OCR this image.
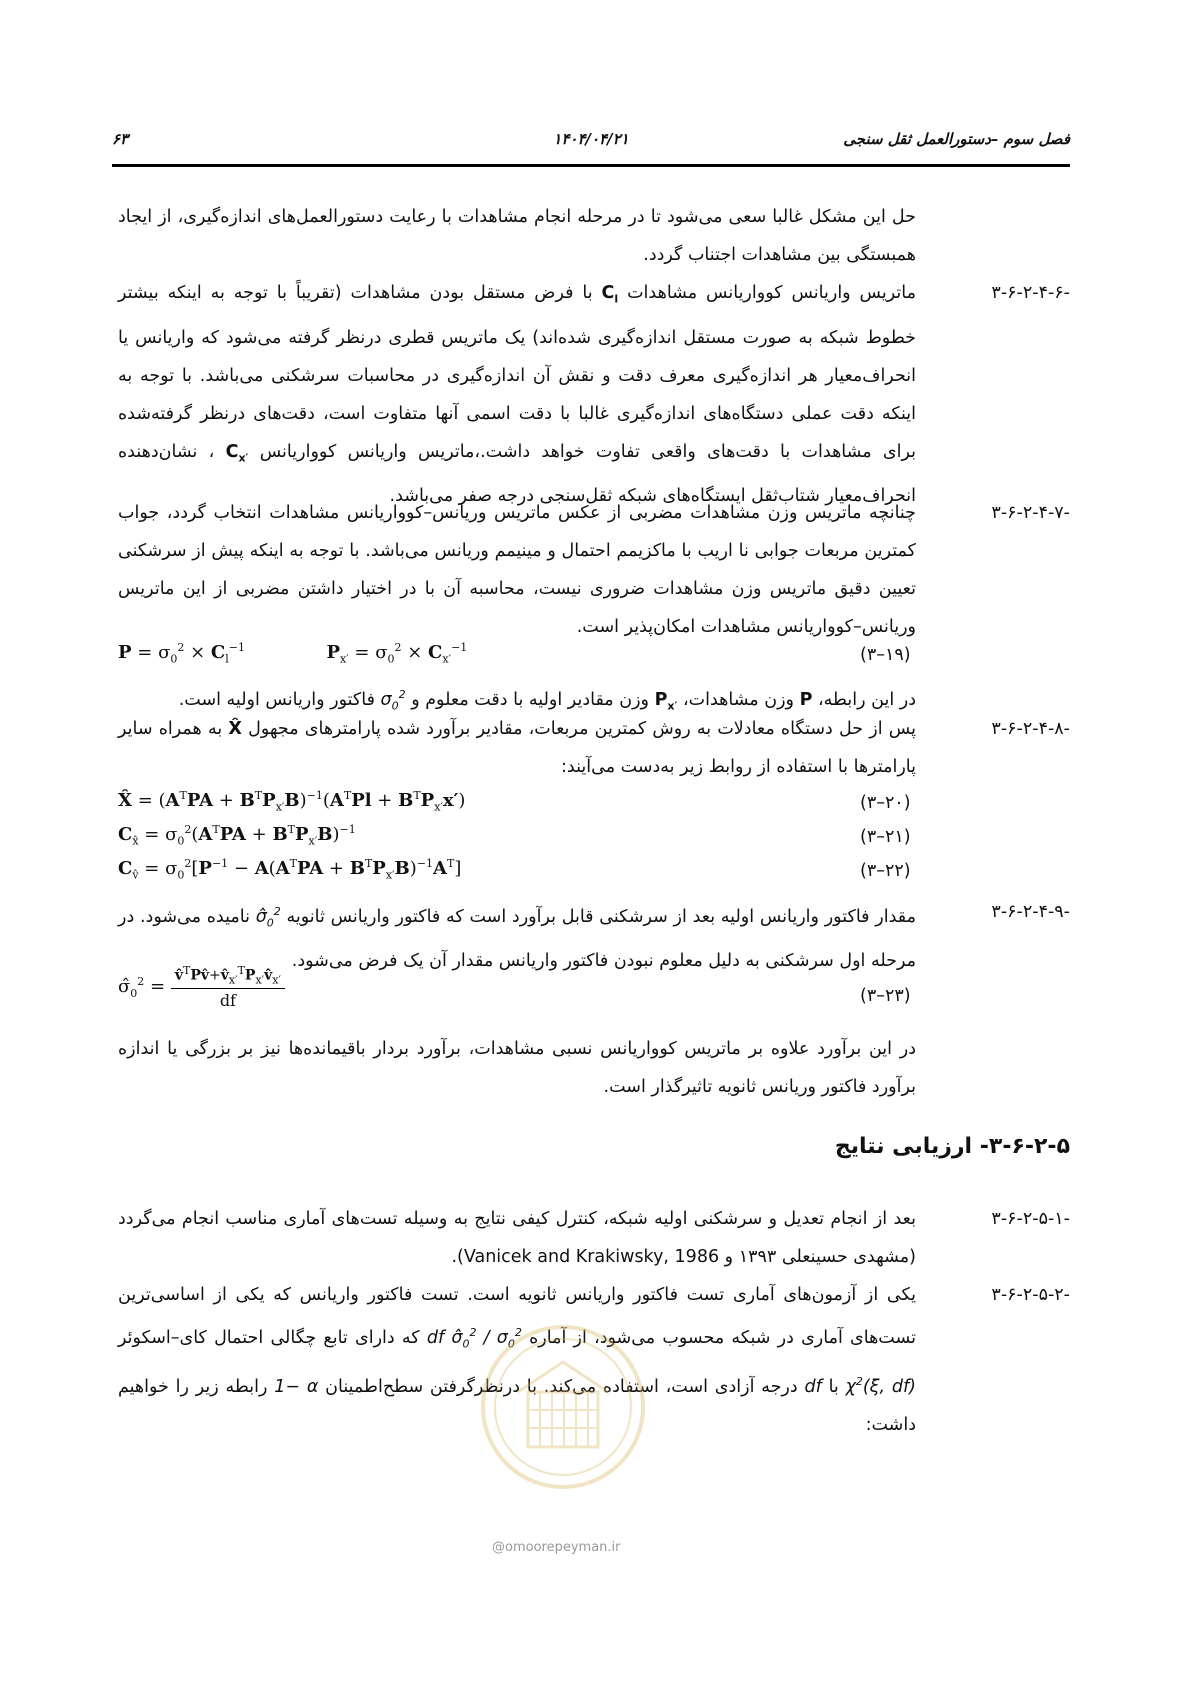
فصل سوم –دستورالعمل ثقل سنجی
۱۴۰۴/۰۴/۲۱
۶۳
حل این مشکل غالبا سعی می‌شود تا در مرحله انجام مشاهدات با رعایت دستورالعمل‌های اندازه‌گیری، از ایجاد همبستگی بین مشاهدات اجتناب گردد.
۳-۶-۲-۴-۶-
ماتریس واریانس کوواریانس مشاهدات $C_l$ با فرض مستقل بودن مشاهدات (تقریباً با توجه به اینکه بیشتر خطوط شبکه به صورت مستقل اندازه‌گیری شده‌اند) یک ماتریس قطری درنظر گرفته می‌شود که واریانس یا انحراف‌معیار هر اندازه‌گیری معرف دقت و نقش آن اندازه‌گیری در محاسبات سرشکنی می‌باشد. با توجه به اینکه دقت عملی دستگاه‌های اندازه‌گیری غالبا با دقت اسمی آنها متفاوت است، دقت‌های درنظر گرفته‌شده برای مشاهدات با دقت‌های واقعی تفاوت خواهد داشت.،ماتریس واریانس کوواریانس $C_{x'}$ ، نشان‌دهنده انحراف‌معیار شتاب‌ثقل ایستگاه‌های شبکه ثقل‌سنجی درجه صفر می‌باشد.
۳-۶-۲-۴-۷-
چنانچه ماتریس وزن مشاهدات مضربی از عکس ماتریس وریانس–کوواریانس مشاهدات انتخاب گردد، جواب کمترین مربعات جوابی نا اریب با ماکزیمم احتمال و مینیمم وریانس می‌باشد. با توجه به اینکه پیش از سرشکنی تعیین دقیق ماتریس وزن مشاهدات ضروری نیست، محاسبه آن با در اختیار داشتن مضربی از این ماتریس وریانس–کوواریانس مشاهدات امکان‌پذیر است.
$P = \sigma_0^2 \times C_l^{-1}$	$P_{x'} = \sigma_0^2 \times C_{x'}^{-1}$	(۳–۱۹)
در این رابطه، P وزن مشاهدات، $P_{x'}$ وزن مقادیر اولیه با دقت معلوم و $\sigma_0^2$ فاکتور واریانس اولیه است.
۳-۶-۲-۴-۸-
پس از حل دستگاه معادلات به روش کمترین مربعات، مقادیر برآورد شده پارامترهای مجهول X̂ به همراه سایر پارامترها با استفاده از روابط زیر به‌دست می‌آیند:
X̂ = $(A^TPA + B^TP_{x'}B)^{-1}(A^TPl + B^TP_{x'}x')$	(۳–۲۰)
$C_{x̂} = \sigma_0^2(A^TPA + B^TP_{x'}B)^{-1}$	(۳–۲۱)
$C_{v̂} = \sigma_0^2[P^{-1} - A(A^TPA + B^TP_{x'}B)^{-1}A^T]$	(۳–۲۲)
۳-۶-۲-۴-۹-
مقدار فاکتور واریانس اولیه بعد از سرشکنی قابل برآورد است که فاکتور واریانس ثانویه $\sigmâ_0^2$ نامیده می‌شود. در مرحله اول سرشکنی به دلیل معلوم نبودن فاکتور واریانس مقدار آن یک فرض می‌شود.
$\sigmâ_0^2 = \frac{v̂^TPv̂+v̂_{x'}^TP_{x'}v̂_{x'}}{df}$	(۳–۲۳)
در این برآورد علاوه بر ماتریس کوواریانس نسبی مشاهدات، برآورد بردار باقیمانده‌ها نیز بر بزرگی یا اندازه برآورد فاکتور وریانس ثانویه تاثیرگذار است.
۳-۶-۲-۵- ارزیابی نتایج
۳-۶-۲-۵-۱-
بعد از انجام تعدیل و سرشکنی اولیه شبکه، کنترل کیفی نتایج به وسیله تست‌های آماری مناسب انجام می‌گردد (مشهدی حسینعلی ۱۳۹۳ و Vanicek and Krakiwsky, 1986).
۳-۶-۲-۵-۲-
یکی از آزمون‌های آماری تست فاکتور واریانس ثانویه است. تست فاکتور واریانس که یکی از اساسی‌ترین تست‌های آماری در شبکه محسوب می‌شود، از آماره df $\sigmâ_0^2 / \sigma_0^2$ که دارای تابع چگالی احتمال کای–اسکوئر $\chi^2(\xi$, df) با df درجه آزادی است، استفاده می‌کند. با درنظرگرفتن سطح‌اطمینان 1− α رابطه زیر را خواهیم داشت:
@omoorepeyman.ir
